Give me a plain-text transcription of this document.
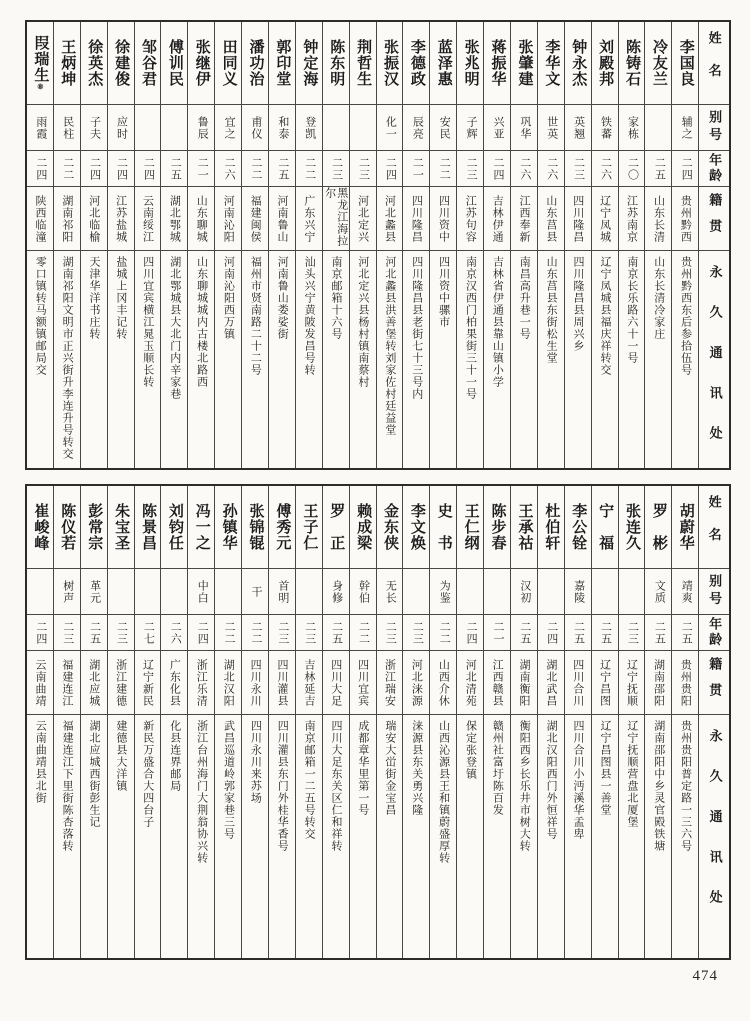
姓名
别号
年龄
籍贯
永久通讯处
李国良
辅之
二四
贵州黔西
贵州黔西东后参拾伍号
冷友兰
二五
山东长清
山东长清冷家庄
陈铸石
家栋
二〇
江苏南京
南京长乐路六十一号
刘殿邦
铁蕃
二六
辽宁凤城
辽宁凤城县福庆祥转交
钟永杰
英翘
二三
四川隆昌
四川隆昌县周兴乡
李华文
世英
二六
山东莒县
山东莒县东街松生堂
张肇建
巩华
二六
江西奉新
南昌高升巷一号
蒋振华
兴亚
二四
吉林伊通
吉林省伊通县靠山镇小学
张兆明
子辉
二三
江苏句容
南京汉西门柏果街三十一号
蓝泽惠
安民
二二
四川资中
四川资中骡市
李德政
辰亮
二一
四川隆昌
四川隆昌县老街七十三号内
张振汉
化一
二四
河北蠡县
河北蠡县洪善堡转刘家佐村廷益堂
荆哲生
二三
河北定兴
河北定兴县杨村镇南蔡村
陈东明
二三
黑龙江海拉尔
南京邮箱十六号
钟定海
登凯
二二
广东兴宁
汕头兴宁黄陂发昌号转
郭印堂
和泰
二五
河南鲁山
河南鲁山娄娑街
潘功治
甫仪
二二
福建闽侯
福州市贤南路二十二号
田同义
宜之
二六
河南沁阳
河南沁阳西万镇
张继伊
鲁辰
二一
山东聊城
山东聊城城内古楼北路西
傅训民
二五
湖北鄂城
湖北鄂城县大北门内辛家巷
邹谷君
二四
云南绥江
四川宜宾横江晁玉顺长转
徐建俊
应时
二四
江苏盐城
盐城上冈丰记转
徐英杰
子夫
二四
河北临榆
天津华洋书庄转
王炳坤
民柱
二二
湖南祁阳
湖南祁阳文明市正兴街升李连升号转交
叚瑞生⑧
雨霞
二四
陕西临潼
零口镇转马额镇邮局交
姓名
别号
年龄
籍贯
永久通讯处
胡蔚华
靖爽
二五
贵州贵阳
贵州贵阳普定路一三六号
罗　彬
文质
二五
湖南邵阳
湖南邵阳中乡灵官殿铁塘
张连久
二三
辽宁抚顺
辽宁抚顺营盘北厦堡
宁　福
二五
辽宁昌图
辽宁昌图县一善堂
李公铨
嘉陵
二五
四川合川
四川合川小沔溪华孟卑
杜伯轩
二四
湖北武昌
湖北汉阳西门外恒祥号
王承祜
汉初
二五
湖南衡阳
衡阳西乡长乐井市树大转
陈步春
二一
江西赣县
赣州社富圩陈百发
王仁纲
二四
河北清苑
保定张登镇
史　书
为鉴
二二
山西介休
山西沁源县王和镇蔚盛厚转
李文焕
二三
河北涞源
涞源县东关勇兴隆
金东侠
无长
二三
浙江瑞安
瑞安大峃街金宝昌
赖成梁
幹伯
二二
四川宜宾
成都章华里第一号
罗　正
身修
二五
四川大足
四川大足东关区仁和祥转
王子仁
二三
吉林延吉
南京邮箱一二五号转交
傅秀元
首明
二三
四川灌县
四川灌县东门外桂华香号
张锦锟
干
二二
四川永川
四川永川来苏场
孙镇华
二二
湖北汉阳
武昌巡道岭郭家巷三号
冯一之
中白
二四
浙江乐清
浙江台州海门大荆翁协兴转
刘钧任
二六
广东化县
化县连界邮局
陈景昌
二七
辽宁新民
新民万盛合大四台子
朱宝圣
二三
浙江建德
建德县大洋镇
彭常宗
革元
二五
湖北应城
湖北应城西街彭生记
陈仪若
树声
二三
福建连江
福建连江下里街陈杏落转
崔峻峰
二四
云南曲靖
云南曲靖县北街
474
